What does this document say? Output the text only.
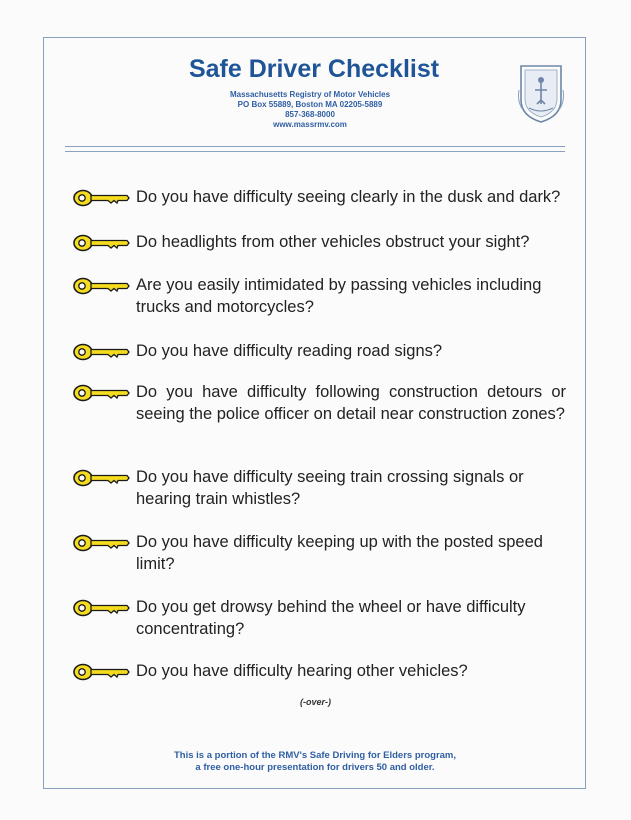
Safe Driver Checklist
Massachusetts Registry of Motor Vehicles
PO Box 55889, Boston MA 02205-5889
857-368-8000
www.massrmv.com
Do you have difficulty seeing clearly in the dusk and dark?
Do headlights from other vehicles obstruct your sight?
Are you easily intimidated by passing vehicles including trucks and motorcycles?
Do you have difficulty reading road signs?
Do you have difficulty following construction detours or seeing the police officer on detail near construction zones?
Do you have difficulty seeing train crossing signals or hearing train whistles?
Do you have difficulty keeping up with the posted speed limit?
Do you get drowsy behind the wheel or have difficulty concentrating?
Do you have difficulty hearing other vehicles?
(-over-)
This is a portion of the RMV's Safe Driving for Elders program,
a free one-hour presentation for drivers 50 and older.
